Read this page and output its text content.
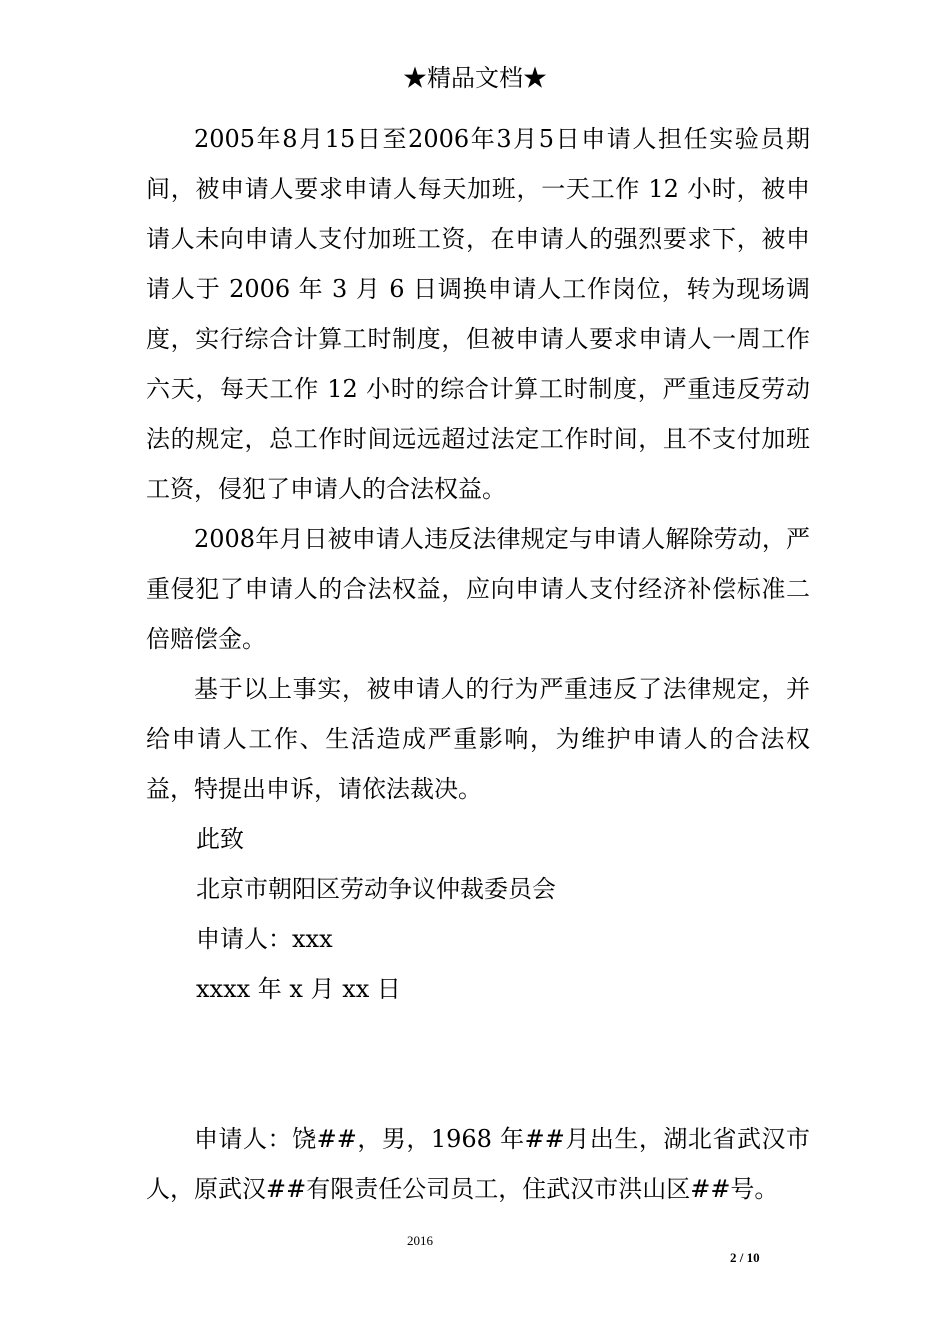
★精品文档★

2005年8月15日至2006年3月5日申请人担任实验员期间，被申请人要求申请人每天加班，一天工作 12 小时，被申请人未向申请人支付加班工资，在申请人的强烈要求下，被申请人于 2006 年 3 月 6 日调换申请人工作岗位，转为现场调度，实行综合计算工时制度，但被申请人要求申请人一周工作六天，每天工作 12 小时的综合计算工时制度，严重违反劳动法的规定，总工作时间远远超过法定工作时间，且不支付加班工资，侵犯了申请人的合法权益。

2008年月日被申请人违反法律规定与申请人解除劳动，严重侵犯了申请人的合法权益，应向申请人支付经济补偿标准二倍赔偿金。

基于以上事实，被申请人的行为严重违反了法律规定，并给申请人工作、生活造成严重影响，为维护申请人的合法权益，特提出申诉，请依法裁决。

此致

北京市朝阳区劳动争议仲裁委员会

申请人：xxx

xxxx 年 x 月 xx 日

申请人：饶##，男，1968 年##月出生，湖北省武汉市人，原武汉##有限责任公司员工，住武汉市洪山区##号。

2016
2 / 10
